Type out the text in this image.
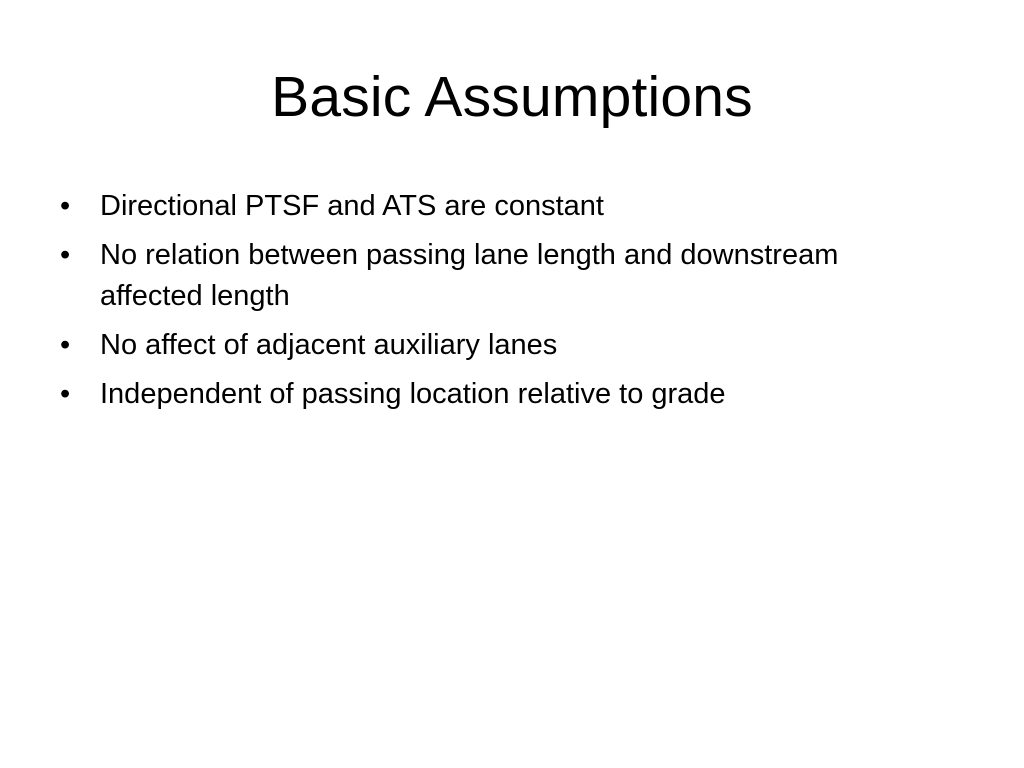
Basic Assumptions
•	Directional PTSF and ATS are constant
•	No relation between passing lane length and downstream affected length
•	No affect of adjacent auxiliary lanes
•	Independent of passing location relative to grade
